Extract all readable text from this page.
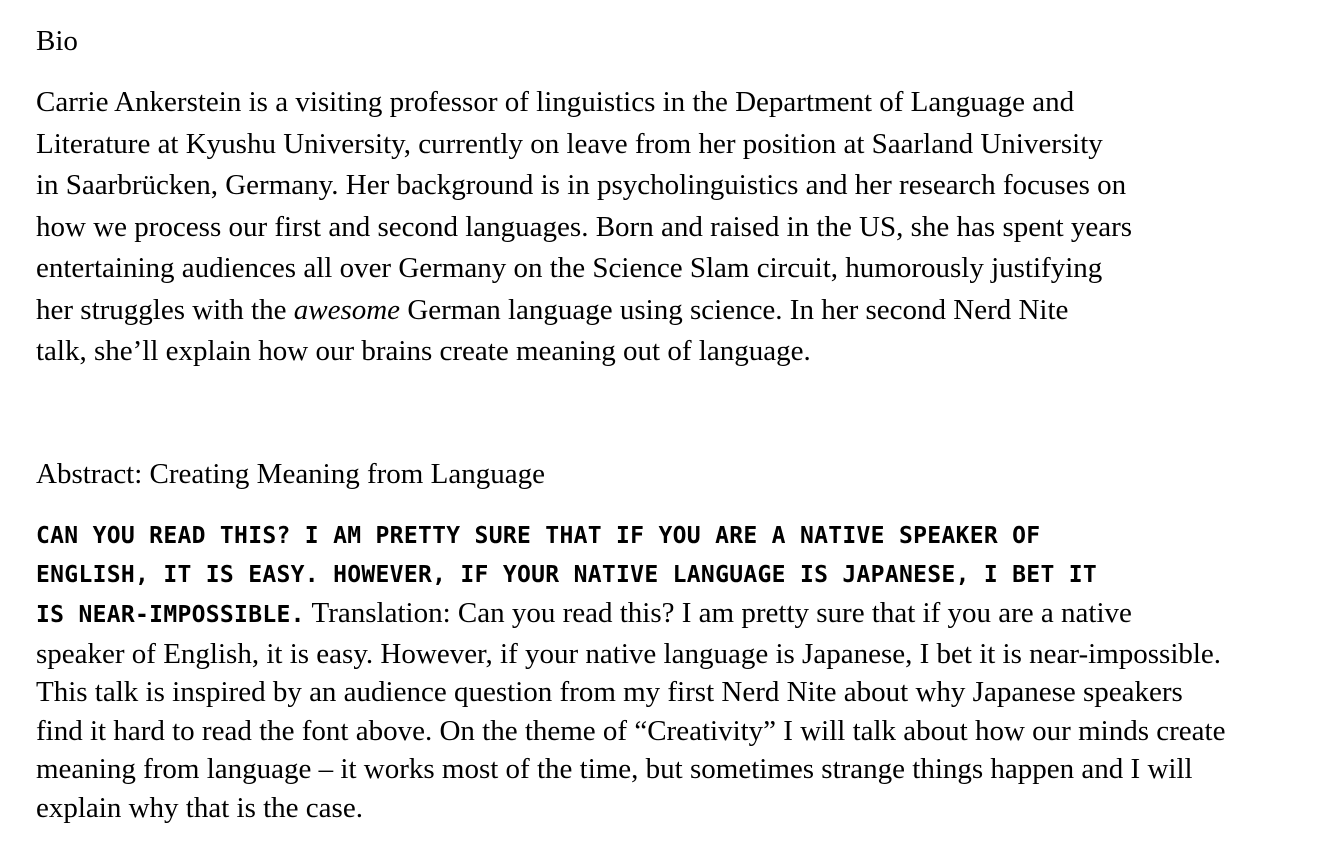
Bio
Carrie Ankerstein is a visiting professor of linguistics in the Department of Language and
Literature at Kyushu University, currently on leave from her position at Saarland University
in Saarbrücken, Germany. Her background is in psycholinguistics and her research focuses on
how we process our first and second languages. Born and raised in the US, she has spent years
entertaining audiences all over Germany on the Science Slam circuit, humorously justifying
her struggles with the awesome German language using science. In her second Nerd Nite
talk, she’ll explain how our brains create meaning out of language.
Abstract: Creating Meaning from Language
CAN YOU READ THIS? I AM PRETTY SURE THAT IF YOU ARE A NATIVE SPEAKER OF
ENGLISH, IT IS EASY. HOWEVER, IF YOUR NATIVE LANGUAGE IS JAPANESE, I BET IT
IS NEAR-IMPOSSIBLE. Translation: Can you read this? I am pretty sure that if you are a native
speaker of English, it is easy. However, if your native language is Japanese, I bet it is near-impossible.
This talk is inspired by an audience question from my first Nerd Nite about why Japanese speakers
find it hard to read the font above. On the theme of “Creativity” I will talk about how our minds create
meaning from language – it works most of the time, but sometimes strange things happen and I will
explain why that is the case.
